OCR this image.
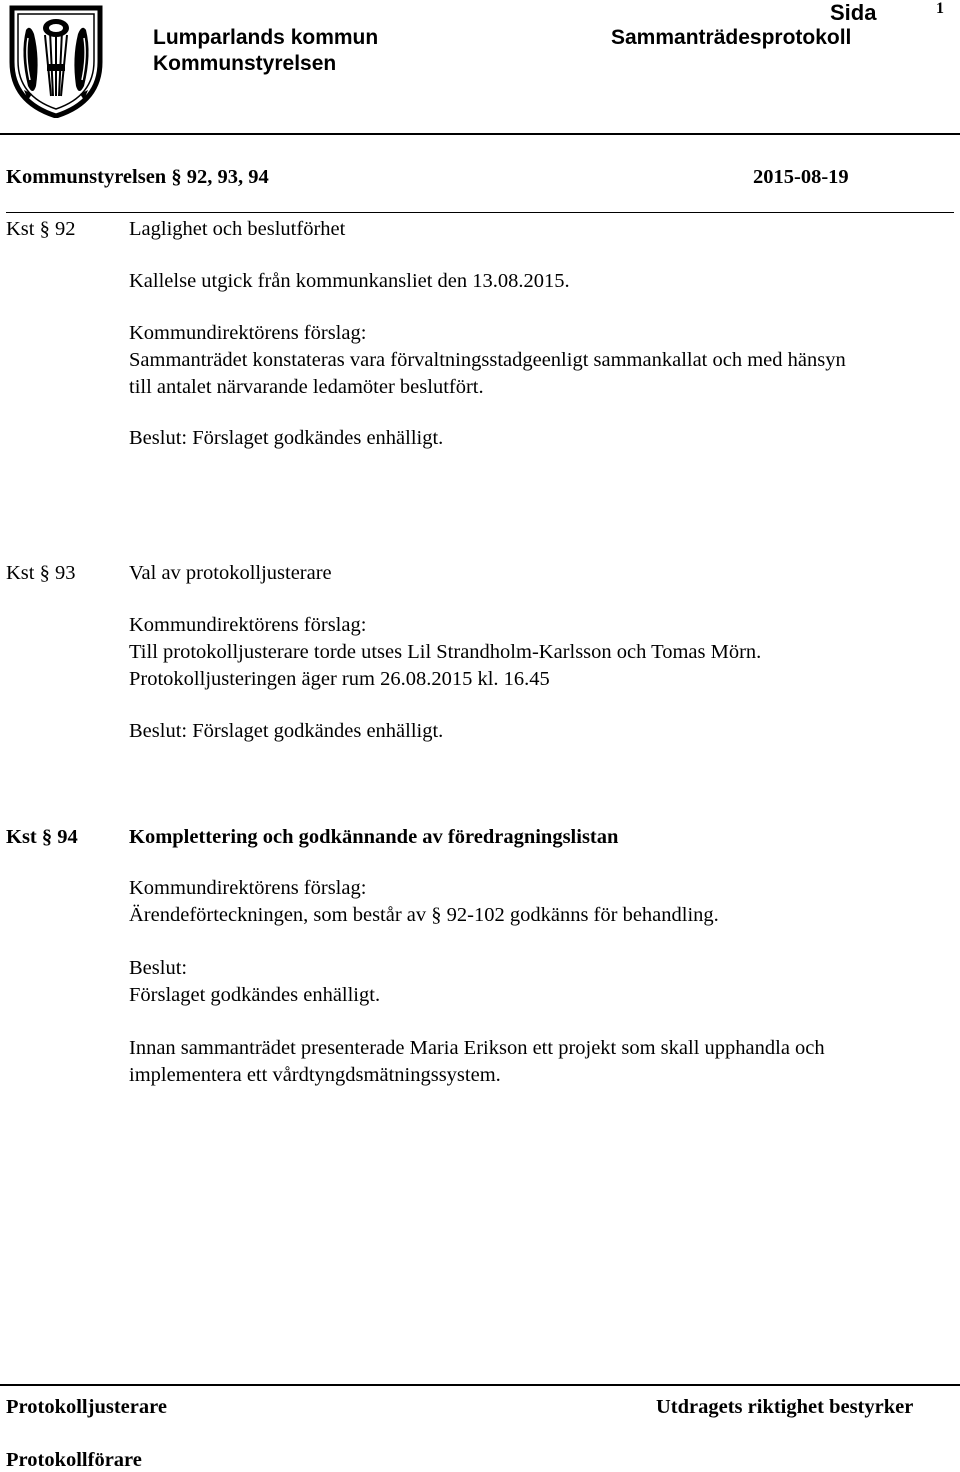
Lumparlands kommun
Kommunstyrelsen
Sida	1
Sammanträdesprotokoll
Kommunstyrelsen § 92, 93, 94	2015-08-19
Kst § 92	Laglighet och beslutförhet
Kallelse utgick från kommunkansliet den 13.08.2015.
Kommundirektörens förslag:
Sammanträdet konstateras vara förvaltningsstadgeenligt sammankallat och med hänsyn
till antalet närvarande ledamöter beslutfört.
Beslut: Förslaget godkändes enhälligt.
Kst § 93	Val av protokolljusterare
Kommundirektörens förslag:
Till protokolljusterare torde utses Lil Strandholm-Karlsson och Tomas Mörn.
Protokolljusteringen äger rum 26.08.2015 kl. 16.45
Beslut: Förslaget godkändes enhälligt.
Kst § 94	Komplettering och godkännande av föredragningslistan
Kommundirektörens förslag:
Ärendeförteckningen, som består av § 92-102 godkänns för behandling.
Beslut:
Förslaget godkändes enhälligt.
Innan sammanträdet presenterade Maria Erikson ett projekt som skall upphandla och
implementera ett vårdtyngdsmätningssystem.
Protokolljusterare	Utdragets riktighet bestyrker
Protokollförare
